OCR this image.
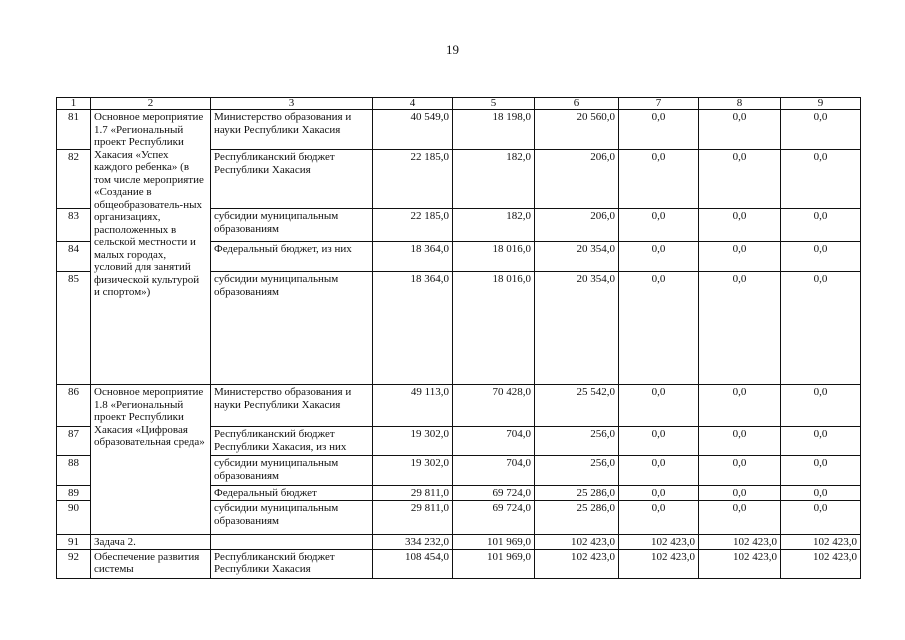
19
1	2	3	4	5	6	7	8	9
81	Основное мероприятие 1.7 «Региональный проект Республики Хакасия «Успех каждого ребенка» (в том числе мероприятие «Создание в общеобразователь-ных организациях, расположенных в сельской местности и малых городах, условий для занятий физической культурой и спортом»)	Министерство образования и науки Республики Хакасия	40 549,0	18 198,0	20 560,0	0,0	0,0	0,0
82		Республиканский бюджет Республики Хакасия	22 185,0	182,0	206,0	0,0	0,0	0,0
83		субсидии муниципальным образованиям	22 185,0	182,0	206,0	0,0	0,0	0,0
84		Федеральный бюджет, из них	18 364,0	18 016,0	20 354,0	0,0	0,0	0,0
85		субсидии муниципальным образованиям	18 364,0	18 016,0	20 354,0	0,0	0,0	0,0
86	Основное мероприятие 1.8 «Региональный проект Республики Хакасия «Цифровая образовательная среда»	Министерство образования и науки Республики Хакасия	49 113,0	70 428,0	25 542,0	0,0	0,0	0,0
87		Республиканский бюджет Республики Хакасия, из них	19 302,0	704,0	256,0	0,0	0,0	0,0
88		субсидии муниципальным образованиям	19 302,0	704,0	256,0	0,0	0,0	0,0
89		Федеральный бюджет	29 811,0	69 724,0	25 286,0	0,0	0,0	0,0
90		субсидии муниципальным образованиям	29 811,0	69 724,0	25 286,0	0,0	0,0	0,0
91	Задача 2.		334 232,0	101 969,0	102 423,0	102 423,0	102 423,0	102 423,0
92	Обеспечение развития системы	Республиканский бюджет Республики Хакасия	108 454,0	101 969,0	102 423,0	102 423,0	102 423,0	102 423,0
